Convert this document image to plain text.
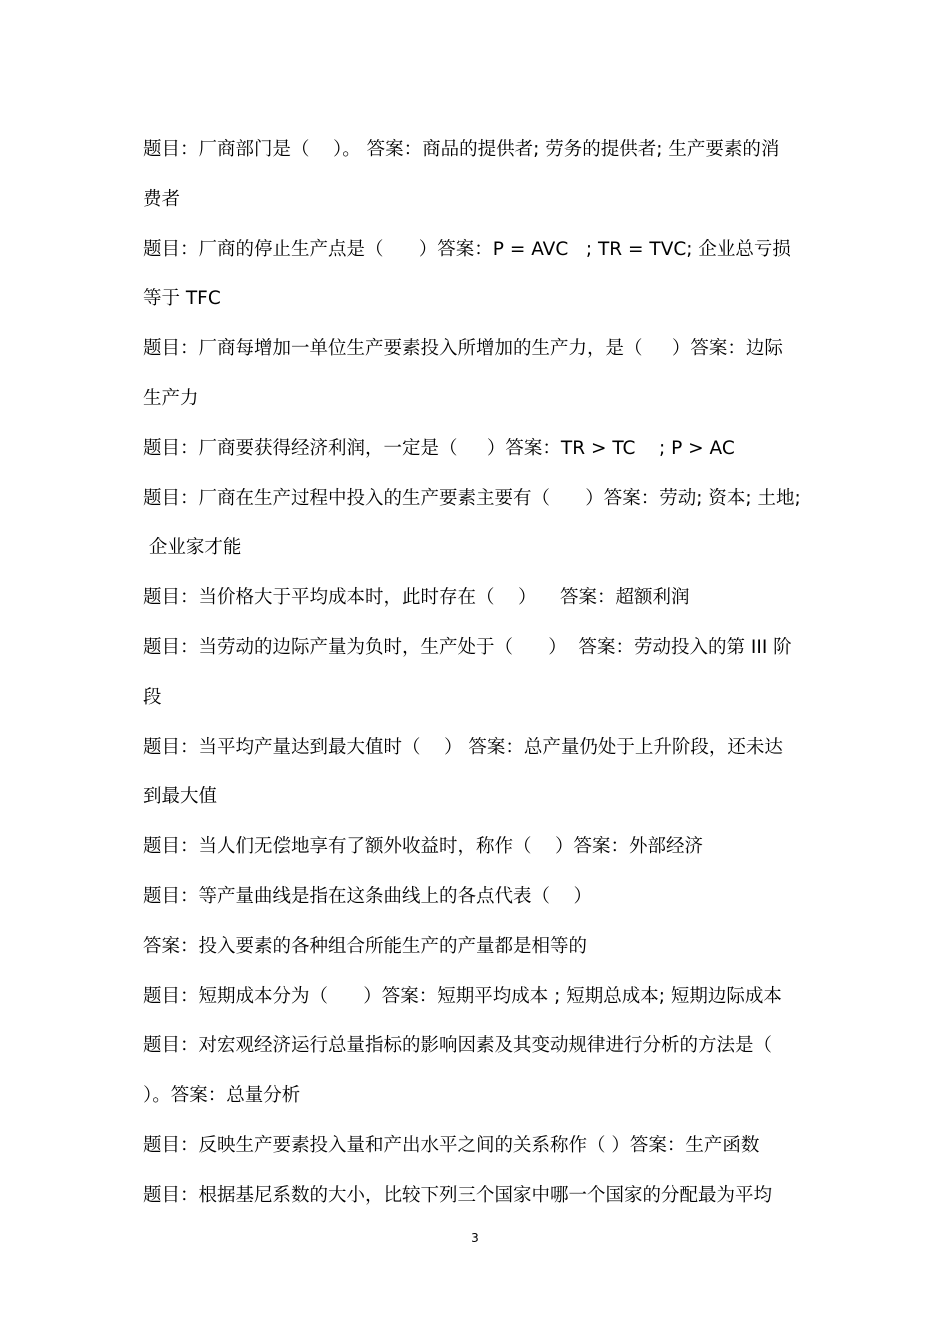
题目：厂商部门是（    ）。 答案：商品的提供者; 劳务的提供者; 生产要素的消
费者
题目：厂商的停止生产点是（      ）答案：P = AVC   ; TR = TVC; 企业总亏损
等于 TFC
题目：厂商每增加一单位生产要素投入所增加的生产力，是（     ）答案：边际
生产力
题目：厂商要获得经济利润，一定是（     ）答案：TR > TC    ; P > AC
题目：厂商在生产过程中投入的生产要素主要有（      ）答案：劳动; 资本; 土地;
企业家才能
题目：当价格大于平均成本时，此时存在（    ）    答案：超额利润
题目：当劳动的边际产量为负时，生产处于（      ）  答案：劳动投入的第 III 阶
段
题目：当平均产量达到最大值时（    ） 答案：总产量仍处于上升阶段，还未达
到最大值
题目：当人们无偿地享有了额外收益时，称作（    ）答案：外部经济
题目：等产量曲线是指在这条曲线上的各点代表（    ）
答案：投入要素的各种组合所能生产的产量都是相等的
题目：短期成本分为（      ）答案：短期平均成本 ; 短期总成本; 短期边际成本
题目：对宏观经济运行总量指标的影响因素及其变动规律进行分析的方法是（
）。答案：总量分析
题目：反映生产要素投入量和产出水平之间的关系称作（ ）答案：生产函数
题目：根据基尼系数的大小，比较下列三个国家中哪一个国家的分配最为平均
3
